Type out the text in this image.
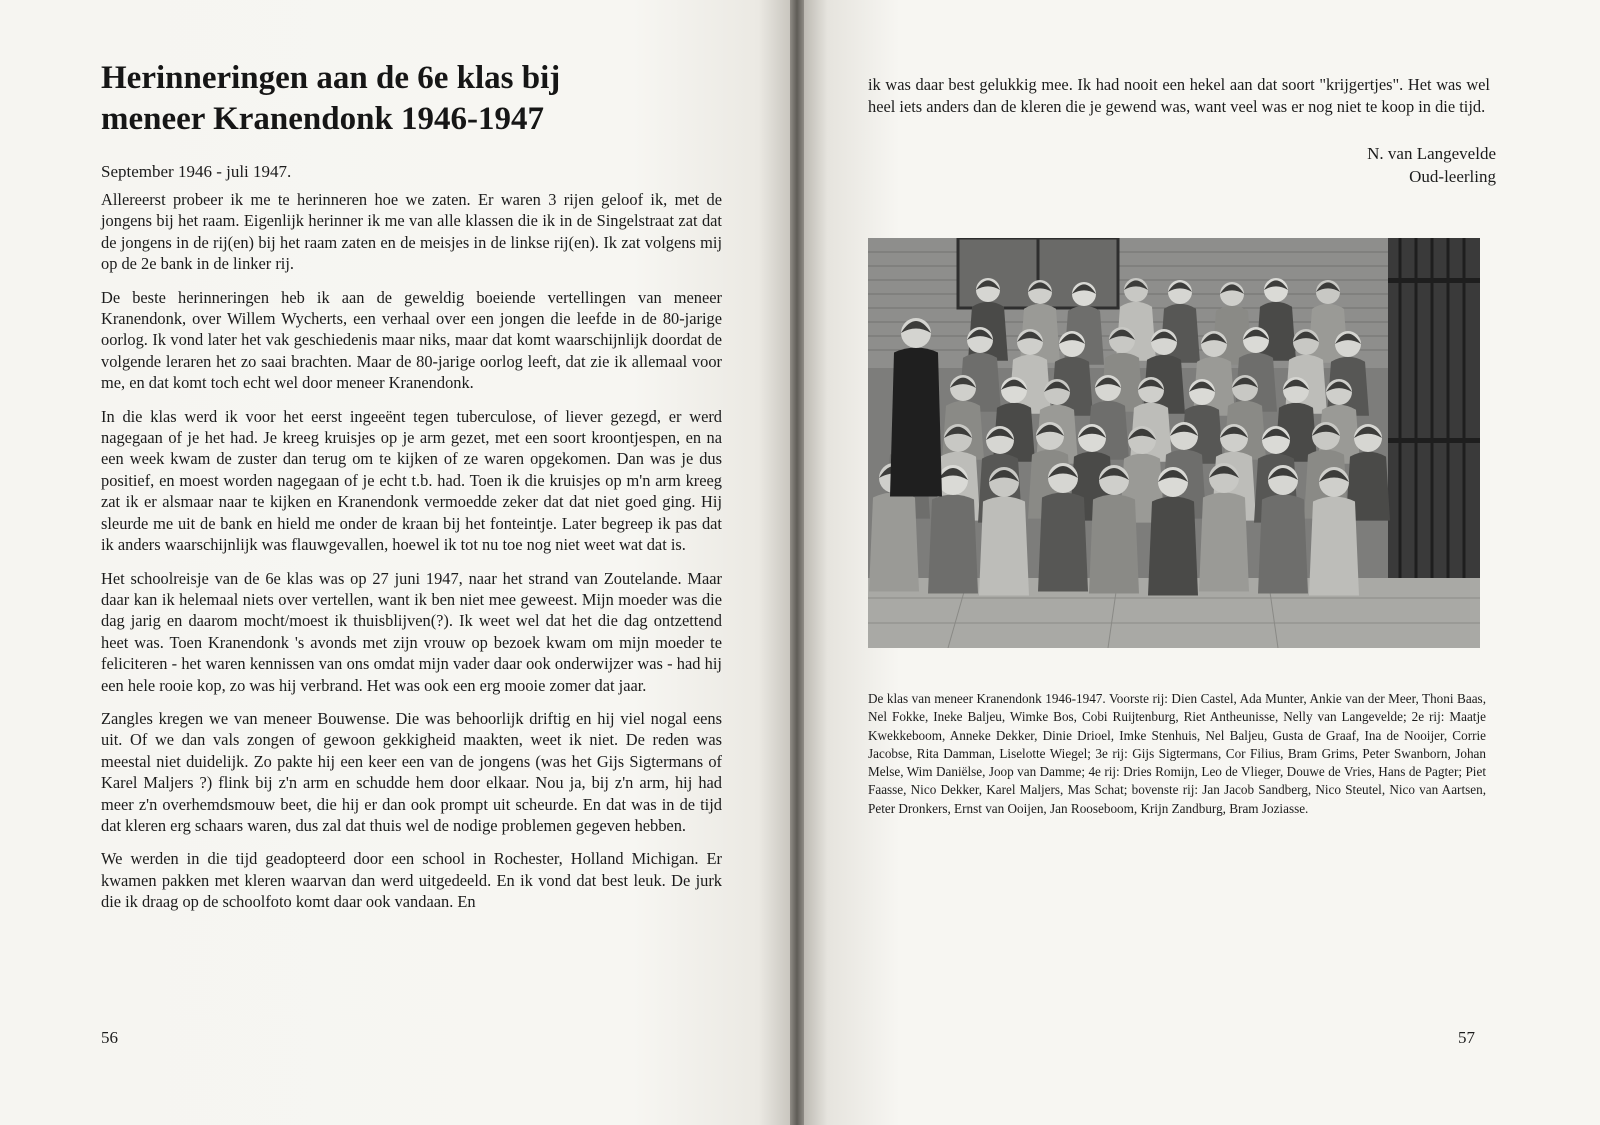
Herinneringen aan de 6e klas bij meneer Kranendonk 1946-1947

September 1946 - juli 1947.

Allereerst probeer ik me te herinneren hoe we zaten. Er waren 3 rijen geloof ik, met de jongens bij het raam. Eigenlijk herinner ik me van alle klassen die ik in de Singelstraat zat dat de jongens in de rij(en) bij het raam zaten en de meisjes in de linkse rij(en). Ik zat volgens mij op de 2e bank in de linker rij.

De beste herinneringen heb ik aan de geweldig boeiende vertellingen van meneer Kranendonk, over Willem Wycherts, een verhaal over een jongen die leefde in de 80-jarige oorlog. Ik vond later het vak geschiedenis maar niks, maar dat komt waarschijnlijk doordat de volgende leraren het zo saai brachten. Maar de 80-jarige oorlog leeft, dat zie ik allemaal voor me, en dat komt toch echt wel door meneer Kranendonk.

In die klas werd ik voor het eerst ingeeënt tegen tuberculose, of liever gezegd, er werd nagegaan of je het had. Je kreeg kruisjes op je arm gezet, met een soort kroontjespen, en na een week kwam de zuster dan terug om te kijken of ze waren opgekomen. Dan was je dus positief, en moest worden nagegaan of je echt t.b. had. Toen ik die kruisjes op m'n arm kreeg zat ik er alsmaar naar te kijken en Kranendonk vermoedde zeker dat dat niet goed ging. Hij sleurde me uit de bank en hield me onder de kraan bij het fonteintje. Later begreep ik pas dat ik anders waarschijnlijk was flauwgevallen, hoewel ik tot nu toe nog niet weet wat dat is.

Het schoolreisje van de 6e klas was op 27 juni 1947, naar het strand van Zoutelande. Maar daar kan ik helemaal niets over vertellen, want ik ben niet mee geweest. Mijn moeder was die dag jarig en daarom mocht/moest ik thuisblijven(?). Ik weet wel dat het die dag ontzettend heet was. Toen Kranendonk 's avonds met zijn vrouw op bezoek kwam om mijn moeder te feliciteren - het waren kennissen van ons omdat mijn vader daar ook onderwijzer was - had hij een hele rooie kop, zo was hij verbrand. Het was ook een erg mooie zomer dat jaar.

Zangles kregen we van meneer Bouwense. Die was behoorlijk driftig en hij viel nogal eens uit. Of we dan vals zongen of gewoon gekkigheid maakten, weet ik niet. De reden was meestal niet duidelijk. Zo pakte hij een keer een van de jongens (was het Gijs Sigtermans of Karel Maljers ?) flink bij z'n arm en schudde hem door elkaar. Nou ja, bij z'n arm, hij had meer z'n overhemdsmouw beet, die hij er dan ook prompt uit scheurde. En dat was in de tijd dat kleren erg schaars waren, dus zal dat thuis wel de nodige problemen gegeven hebben.

We werden in die tijd geadopteerd door een school in Rochester, Holland Michigan. Er kwamen pakken met kleren waarvan dan werd uitgedeeld. En ik vond dat best leuk. De jurk die ik draag op de schoolfoto komt daar ook vandaan. En

56

ik was daar best gelukkig mee. Ik had nooit een hekel aan dat soort "krijgertjes". Het was wel heel iets anders dan de kleren die je gewend was, want veel was er nog niet te koop in die tijd.

N. van Langevelde
Oud-leerling

De klas van meneer Kranendonk 1946-1947. Voorste rij: Dien Castel, Ada Munter, Ankie van der Meer, Thoni Baas, Nel Fokke, Ineke Baljeu, Wimke Bos, Cobi Ruijtenburg, Riet Antheunisse, Nelly van Langevelde; 2e rij: Maatje Kwekkeboom, Anneke Dekker, Dinie Drioel, Imke Stenhuis, Nel Baljeu, Gusta de Graaf, Ina de Nooijer, Corrie Jacobse, Rita Damman, Liselotte Wiegel; 3e rij: Gijs Sigtermans, Cor Filius, Bram Grims, Peter Swanborn, Johan Melse, Wim Daniëlse, Joop van Damme; 4e rij: Dries Romijn, Leo de Vlieger, Douwe de Vries, Hans de Pagter; Piet Faasse, Nico Dekker, Karel Maljers, Mas Schat; bovenste rij: Jan Jacob Sandberg, Nico Steutel, Nico van Aartsen, Peter Dronkers, Ernst van Ooijen, Jan Rooseboom, Krijn Zandburg, Bram Joziasse.

57
